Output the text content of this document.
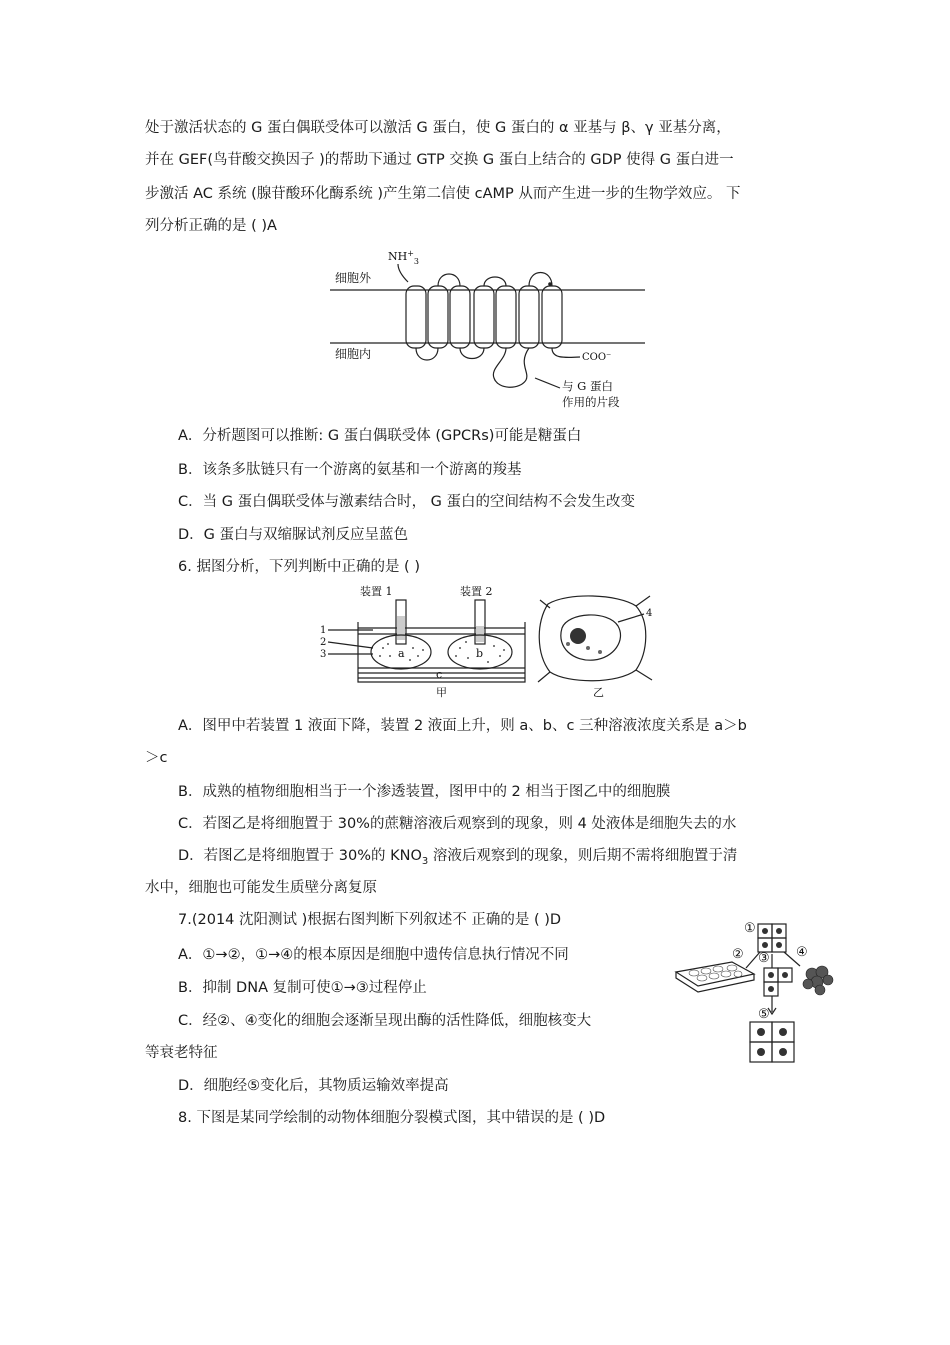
处于激活状态的 G 蛋白偶联受体可以激活 G 蛋白，使 G 蛋白的 α 亚基与 β、γ 亚基分离，
并在 GEF(鸟苷酸交换因子 )的帮助下通过 GTP 交换 G 蛋白上结合的 GDP 使得 G 蛋白进一
步激活 AC 系统 (腺苷酸环化酶系统 )产生第二信使 cAMP 从而产生进一步的生物学效应。 下
列分析正确的是 ( )A
$NH^+_3$
细胞外
细胞内	COO⁻
与 G 蛋白
作用的片段
A．分析题图可以推断: G 蛋白偶联受体 (GPCRs)可能是糖蛋白
B．该条多肽链只有一个游离的氨基和一个游离的羧基
C．当 G 蛋白偶联受体与激素结合时， G 蛋白的空间结构不会发生改变
D．G 蛋白与双缩脲试剂反应呈蓝色
6. 据图分析，下列判断中正确的是 ( )
装置 1	装置 2
a	b
c
1
2
3
甲
4
乙
A．图甲中若装置 1 液面下降，装置 2 液面上升，则 a、b、c 三种溶液浓度关系是 a＞b
＞c
B．成熟的植物细胞相当于一个渗透装置，图甲中的 2 相当于图乙中的细胞膜
C．若图乙是将细胞置于 30%的蔗糖溶液后观察到的现象，则 4 处液体是细胞失去的水
D．若图乙是将细胞置于 30%的 $KNO_3$ 溶液后观察到的现象，则后期不需将细胞置于清
水中，细胞也可能发生质壁分离复原
7.(2014 沈阳测试 )根据右图判断下列叙述不 正确的是 ( )D
A．①→②，①→④的根本原因是细胞中遗传信息执行情况不同
B．抑制 DNA 复制可使①→③过程停止
C．经②、④变化的细胞会逐渐呈现出酶的活性降低，细胞核变大
等衰老特征
D．细胞经⑤变化后，其物质运输效率提高
①
② ③ ④
⑤
8. 下图是某同学绘制的动物体细胞分裂模式图，其中错误的是 ( )D
